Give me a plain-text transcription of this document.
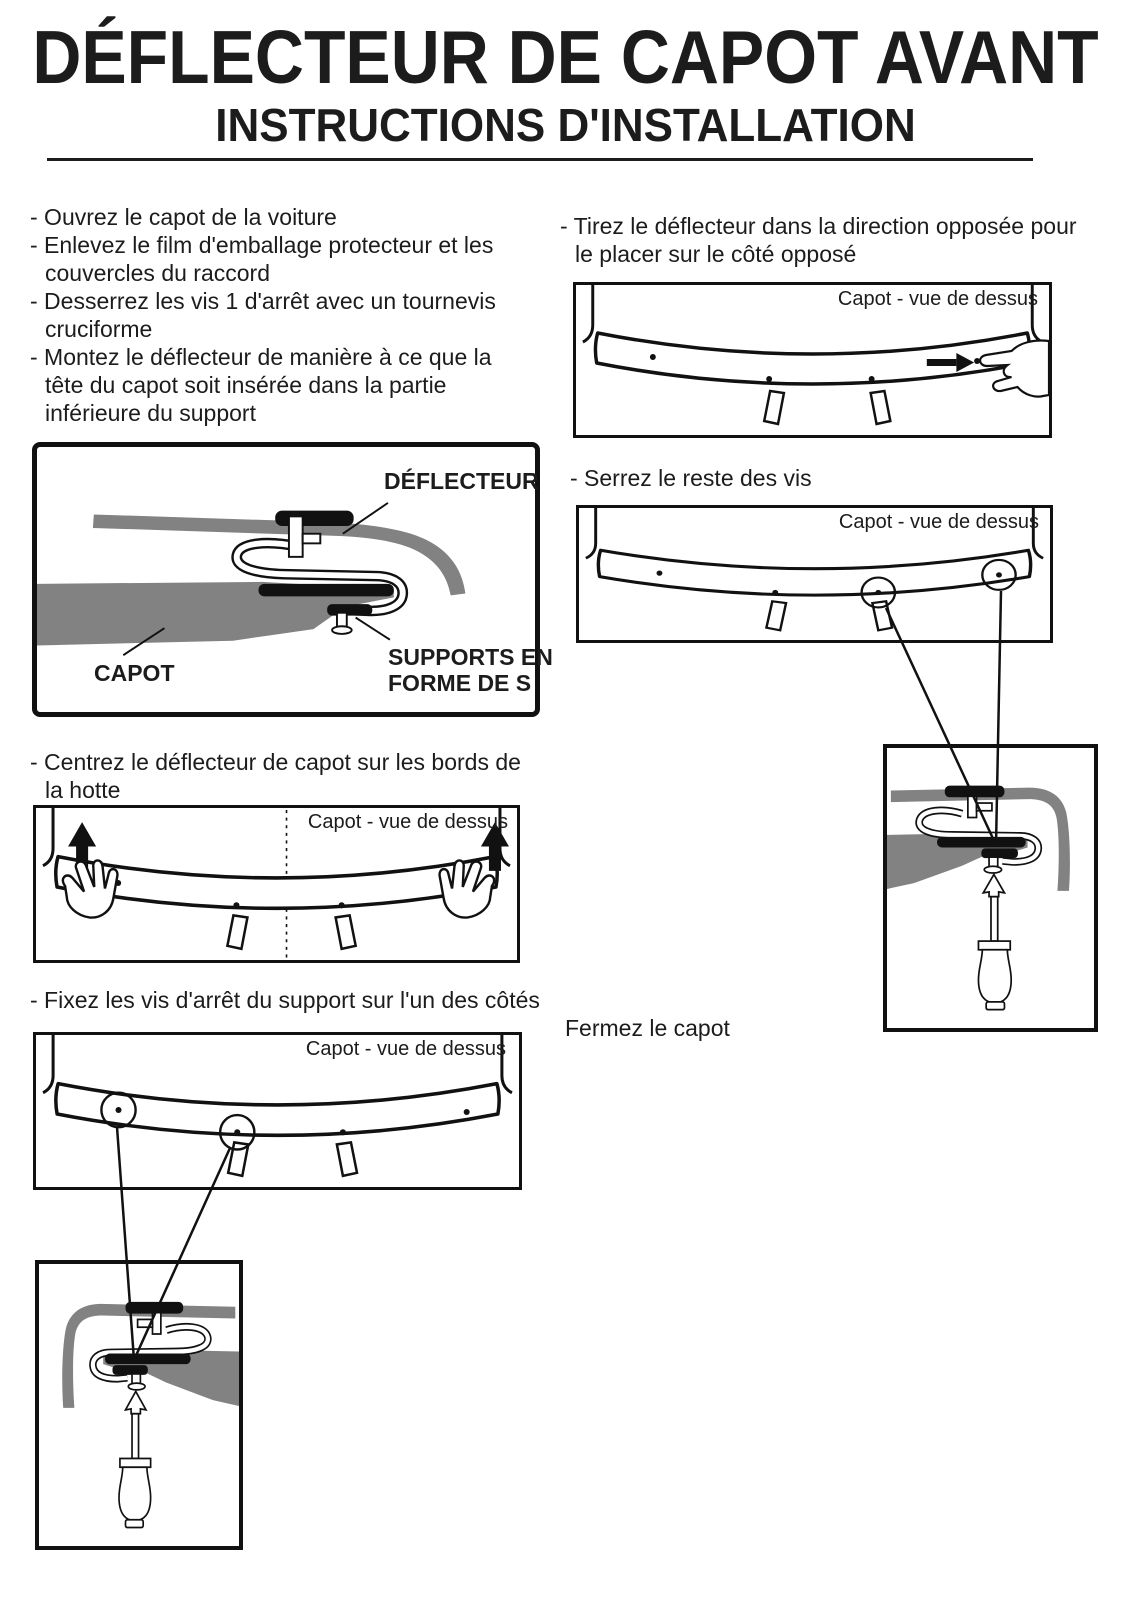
DÉFLECTEUR DE CAPOT AVANT
INSTRUCTIONS D'INSTALLATION
- Ouvrez le capot de la voiture
- Enlevez le film d'emballage protecteur et les couvercles du raccord
- Desserrez les vis 1 d'arrêt avec un tournevis cruciforme
- Montez le déflecteur de manière à ce que la tête du capot soit insérée dans la partie inférieure du support
- Tirez le déflecteur dans la direction opposée pour le placer sur le côté opposé
Capot - vue de dessus
- Serrez le reste des vis
Capot - vue de dessus
DÉFLECTEUR
CAPOT
SUPPORTS EN
FORME DE S
- Centrez le déflecteur de capot sur les bords de la hotte
Capot - vue de dessus
- Fixez les vis d'arrêt du support sur l'un des côtés
Capot - vue de dessus
Fermez le capot
